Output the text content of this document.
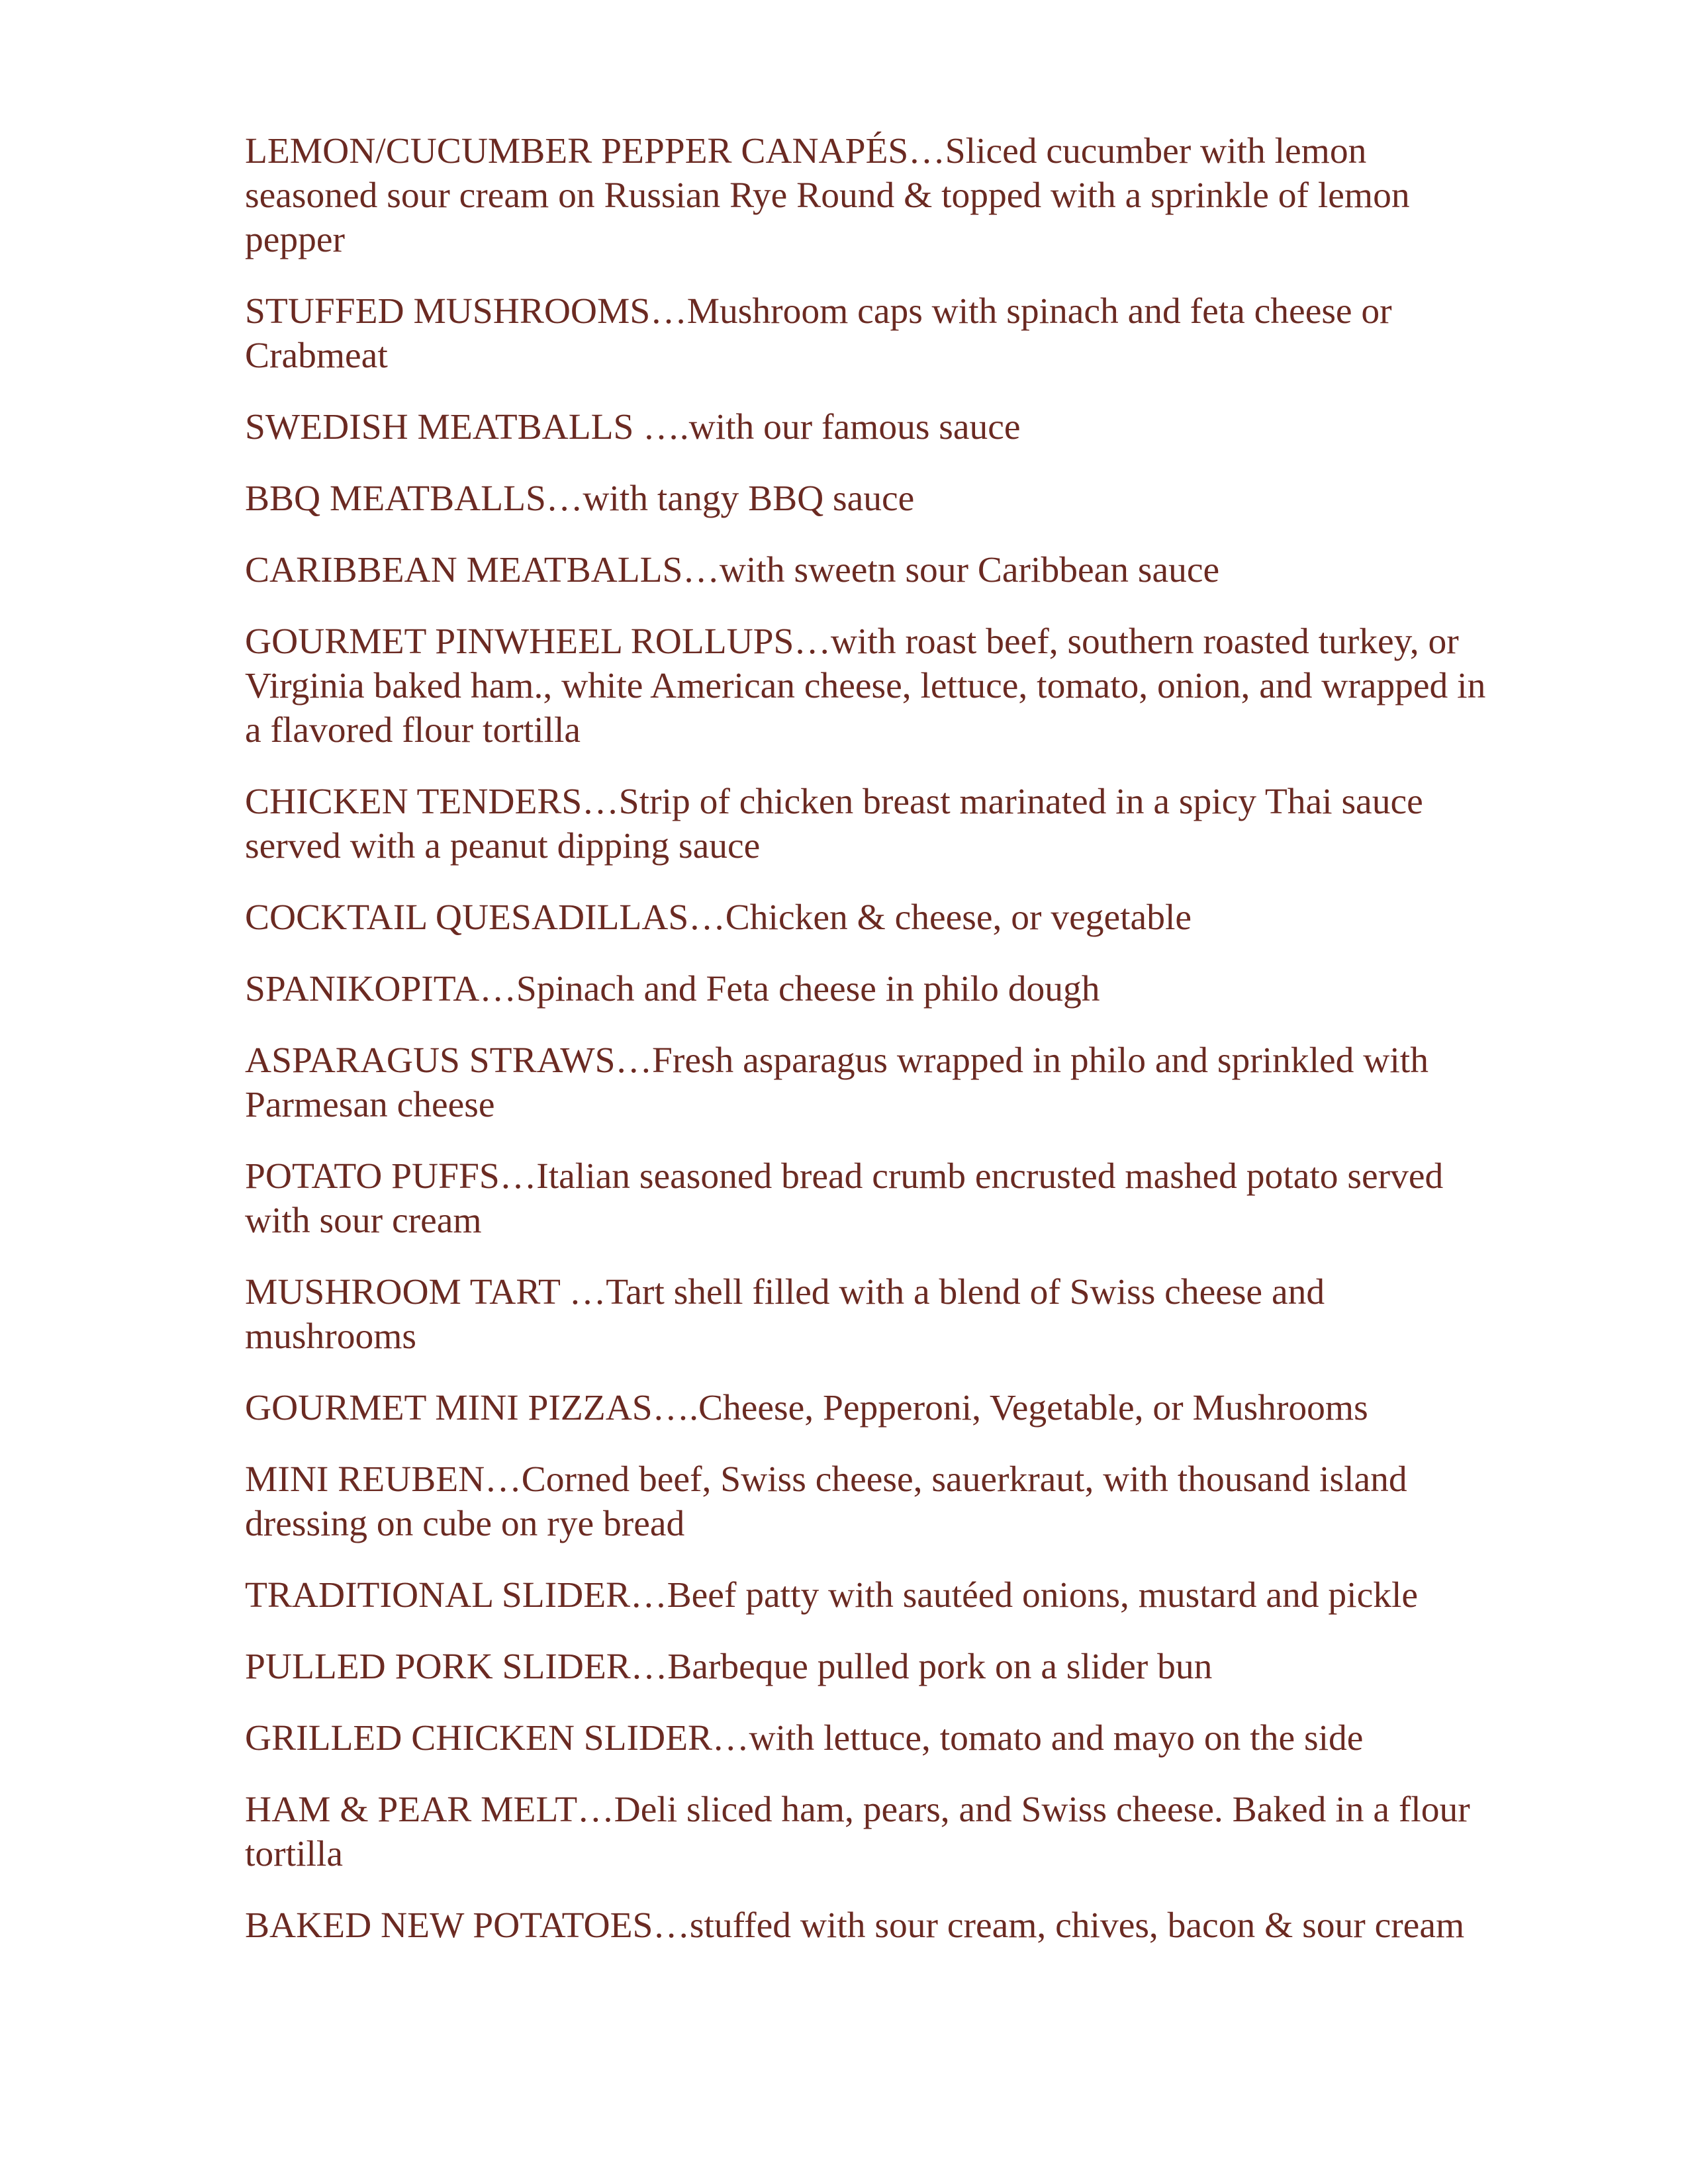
LEMON/CUCUMBER PEPPER CANAPÉS…Sliced cucumber with lemon seasoned sour cream on Russian Rye Round & topped with a sprinkle of lemon pepper
STUFFED MUSHROOMS…Mushroom caps with spinach and feta cheese or Crabmeat
SWEDISH MEATBALLS ….with our famous sauce
BBQ MEATBALLS…with tangy BBQ sauce
CARIBBEAN MEATBALLS…with sweetn sour Caribbean sauce
GOURMET PINWHEEL ROLLUPS…with roast beef, southern roasted turkey, or Virginia baked ham., white American cheese, lettuce, tomato, onion, and wrapped in a flavored flour tortilla
CHICKEN TENDERS…Strip of chicken breast marinated in a spicy Thai sauce served with a peanut dipping sauce
COCKTAIL QUESADILLAS…Chicken & cheese, or vegetable
SPANIKOPITA…Spinach and Feta cheese in philo dough
ASPARAGUS STRAWS…Fresh asparagus wrapped in philo and sprinkled with Parmesan cheese
POTATO PUFFS…Italian seasoned bread crumb encrusted mashed potato served with sour cream
MUSHROOM TART …Tart shell filled with a blend of Swiss cheese and mushrooms
GOURMET MINI PIZZAS….Cheese, Pepperoni, Vegetable, or Mushrooms
MINI REUBEN…Corned beef, Swiss cheese, sauerkraut, with thousand island dressing on cube on rye bread
TRADITIONAL SLIDER…Beef patty with sautéed onions, mustard and pickle
PULLED PORK SLIDER…Barbeque pulled pork on a slider bun
GRILLED CHICKEN SLIDER…with lettuce, tomato and mayo on the side
HAM & PEAR MELT…Deli sliced ham, pears, and Swiss cheese. Baked in a flour tortilla
BAKED NEW POTATOES…stuffed with sour cream, chives, bacon & sour cream
